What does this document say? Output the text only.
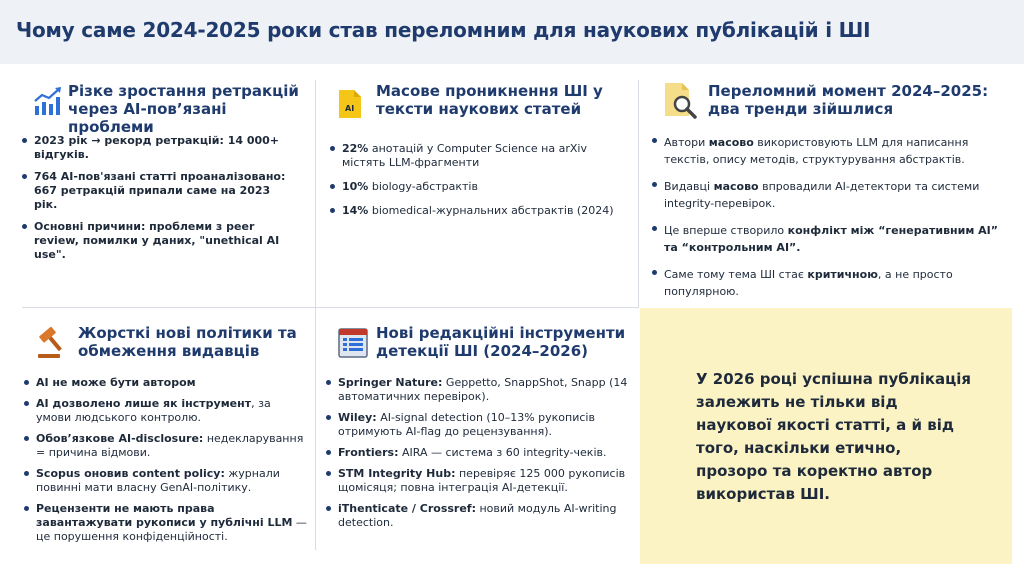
Чому саме 2024-2025 роки став переломним для наукових публікацій і ШІ
Різке зростання ретракцій через AI-пов’язані проблеми
2023 рік → рекорд ретракцій: 14 000+ відгуків.
764 AI-пов'язані статті проаналізовано: 667 ретракцій припали саме на 2023 рік.
Основні причини: проблеми з peer review, помилки у даних, "unethical AI use".
AI
Масове проникнення ШІ у тексти наукових статей
22% анотацій у Computer Science на arXiv містять LLM-фрагменти
10% biology-абстрактів
14% biomedical-журнальних абстрактів (2024)
Переломний момент 2024–2025: два тренди зійшлися
Автори масово використовують LLM для написання текстів, опису методів, структурування абстрактів.
Видавці масово впровадили AI-детектори та системи integrity-перевірок.
Це вперше створило конфлікт між “генеративним AI” та “контрольним AI”.
Саме тому тема ШІ стає критичною, а не просто популярною.
Жорсткі нові політики та обмеження видавців
AI не може бути автором
AI дозволено лише як інструмент, за умови людського контролю.
Обов’язкове AI-disclosure: недекларування = причина відмови.
Scopus оновив content policy: журнали повинні мати власну GenAI-політику.
Рецензенти не мають права завантажувати рукописи у публічні LLM — це порушення конфіденційності.
Нові редакційні інструменти детекції ШІ (2024–2026)
Springer Nature: Geppetto, SnappShot, Snapp (14 автоматичних перевірок).
Wiley: AI-signal detection (10–13% рукописів отримують AI-flag до рецензування).
Frontiers: AIRA — система з 60 integrity-чеків.
STM Integrity Hub: перевіряє 125 000 рукописів щомісяця; повна інтеграція AI-детекції.
iThenticate / Crossref: новий модуль AI-writing detection.

У 2026 році успішна публікація залежить не тільки від наукової якості статті, а й від того, наскільки етично, прозоро та коректно автор використав ШІ.
